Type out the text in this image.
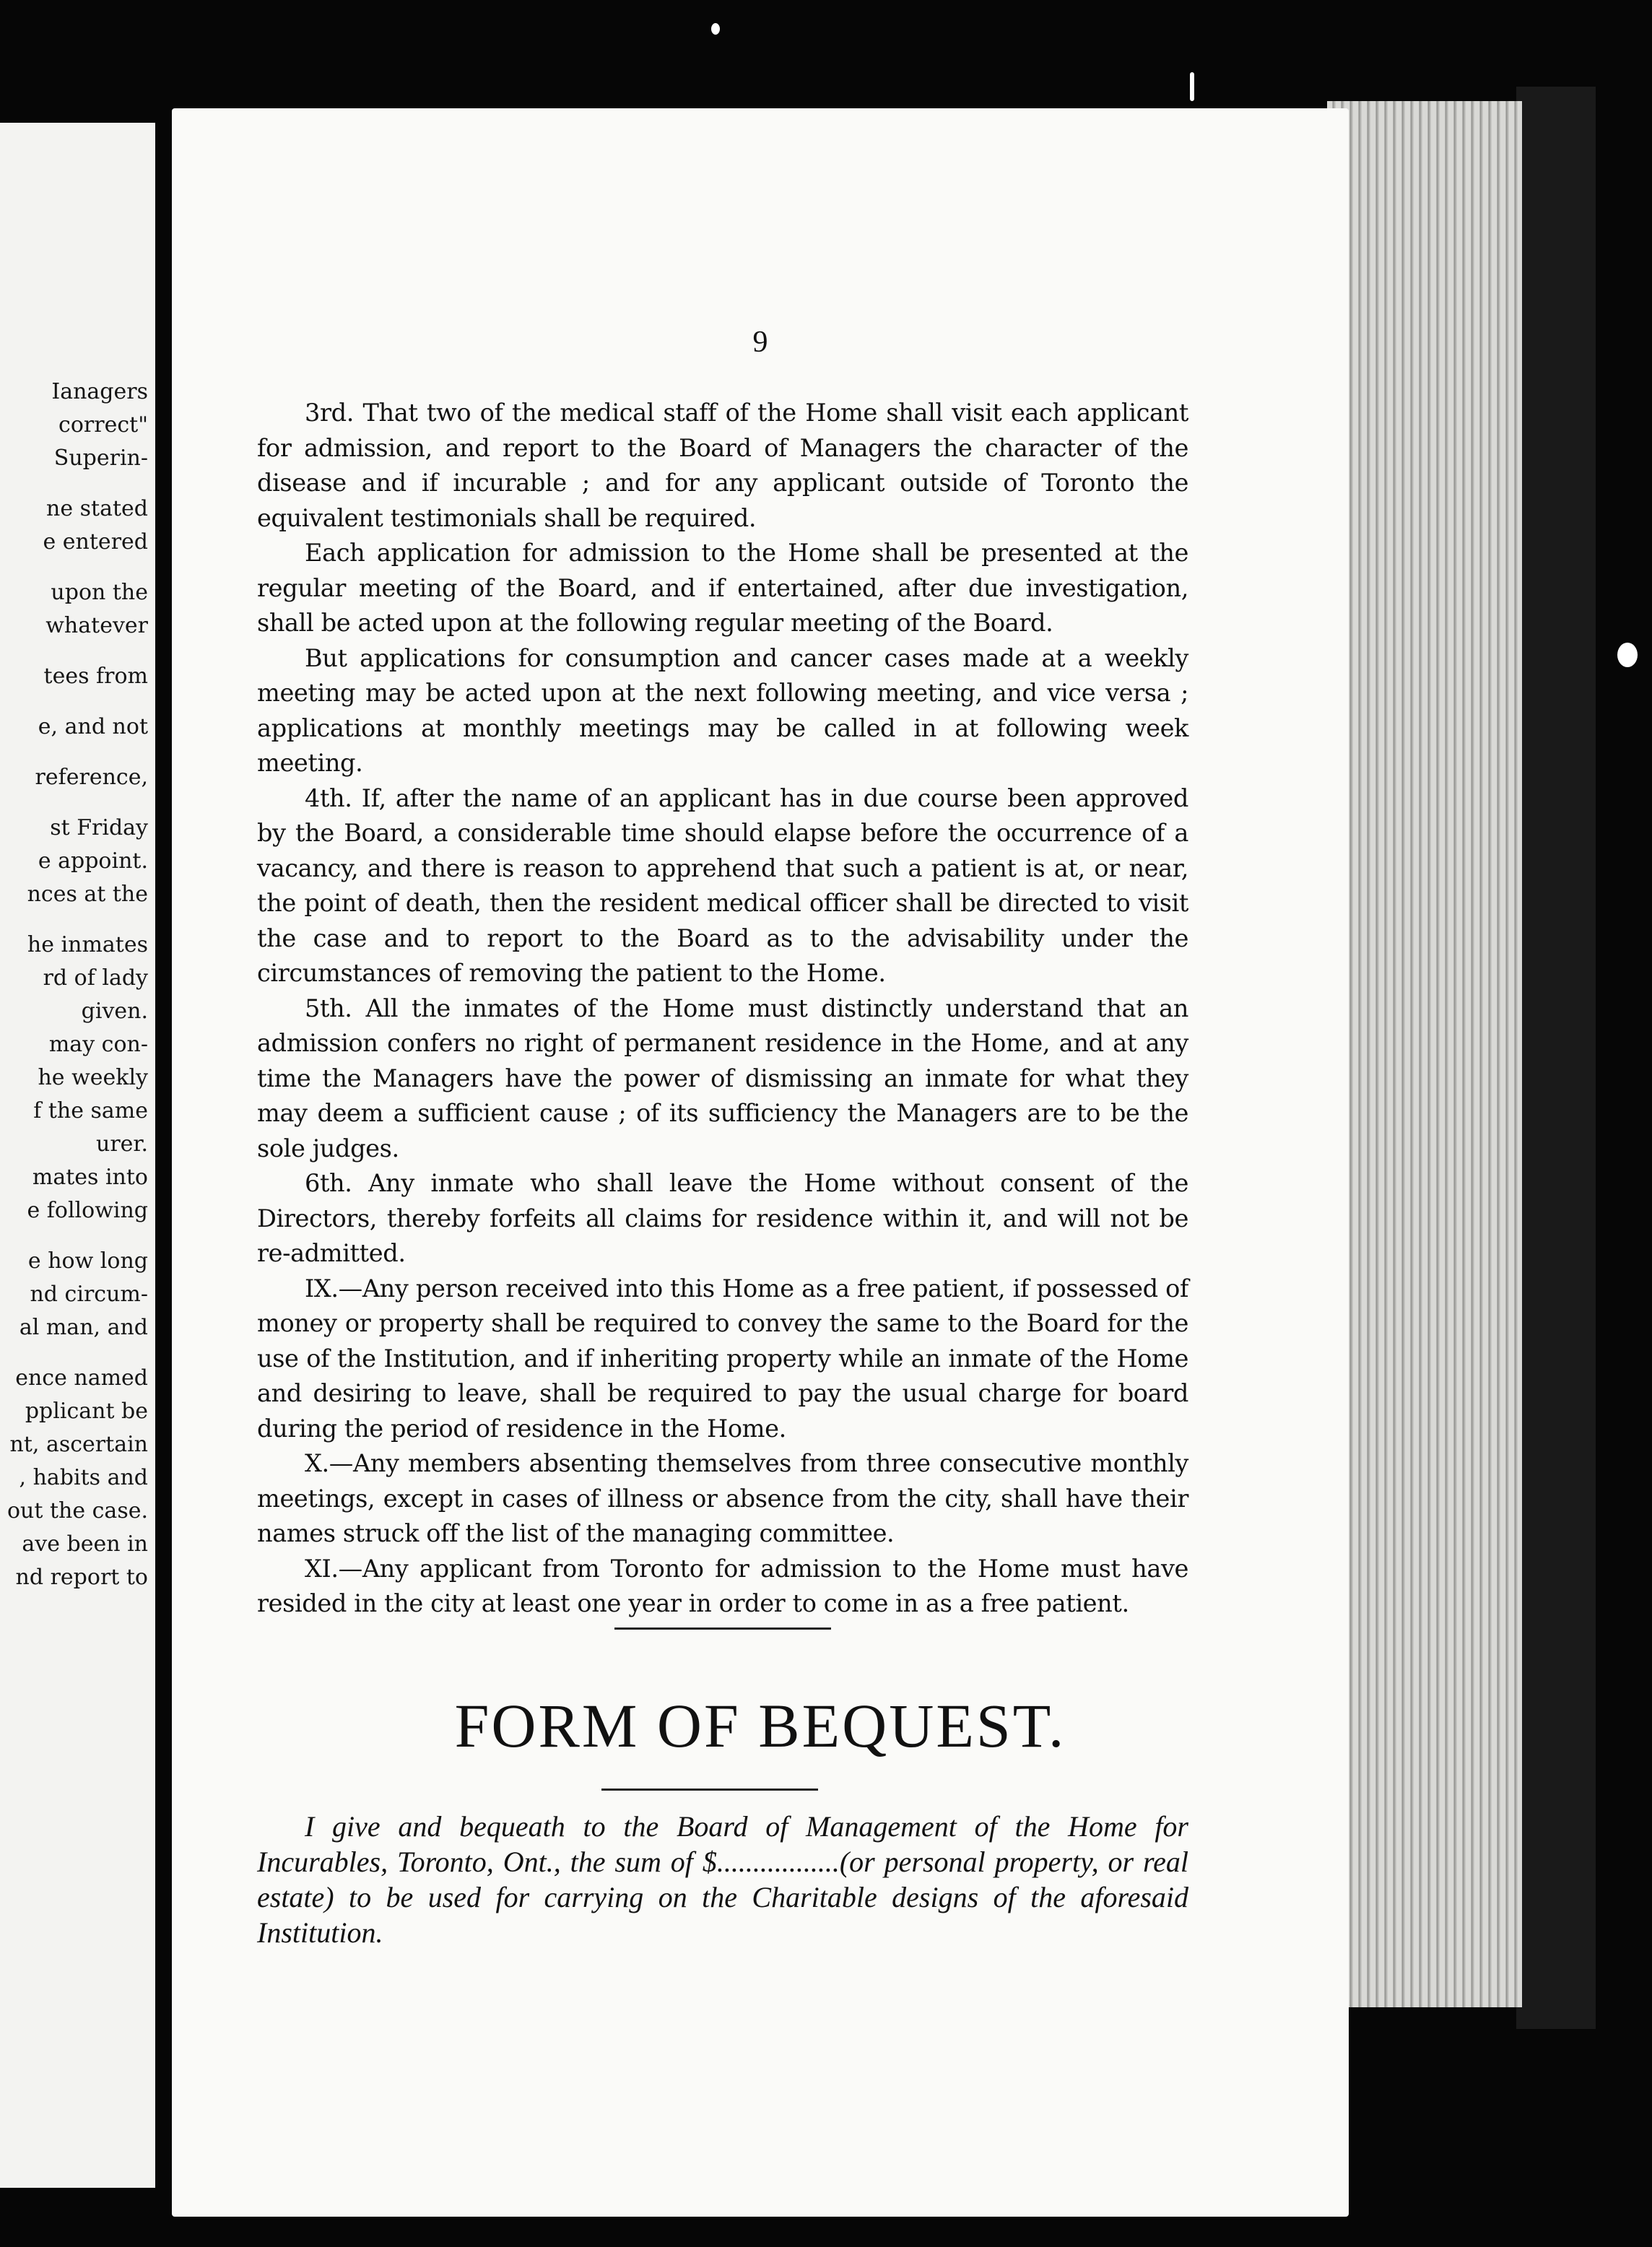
Ianagers
correct"
Superin-
ne stated
e entered
upon the
whatever
tees from
e, and not
reference,
st Friday
e appoint.
nces at the
he inmates
rd of lady
given.
may con-
he weekly
f the same
urer.
mates into
e following
e how long
nd circum-
al man, and
ence named
pplicant be
nt, ascertain
, habits and
out the case.
ave been in
nd report to
9

3rd. That two of the medical staff of the Home shall visit each applicant for admission, and report to the Board of Managers the character of the disease and if incurable ; and for any applicant outside of Toronto the equivalent testimonials shall be required.

Each application for admission to the Home shall be presented at the regular meeting of the Board, and if entertained, after due investigation, shall be acted upon at the following regular meeting of the Board.

But applications for consumption and cancer cases made at a weekly meeting may be acted upon at the next following meeting, and vice versa ; applications at monthly meetings may be called in at following week meeting.

4th. If, after the name of an applicant has in due course been approved by the Board, a considerable time should elapse before the occurrence of a vacancy, and there is reason to apprehend that such a patient is at, or near, the point of death, then the resident medical officer shall be directed to visit the case and to report to the Board as to the advisability under the circumstances of removing the patient to the Home.

5th. All the inmates of the Home must distinctly understand that an admission confers no right of permanent residence in the Home, and at any time the Managers have the power of dismissing an inmate for what they may deem a sufficient cause ; of its sufficiency the Managers are to be the sole judges.

6th. Any inmate who shall leave the Home without consent of the Directors, thereby forfeits all claims for residence within it, and will not be re-admitted.

IX.—Any person received into this Home as a free patient, if possessed of money or property shall be required to convey the same to the Board for the use of the Institution, and if inheriting property while an inmate of the Home and desiring to leave, shall be required to pay the usual charge for board during the period of residence in the Home.

X.—Any members absenting themselves from three consecutive monthly meetings, except in cases of illness or absence from the city, shall have their names struck off the list of the managing committee.

XI.—Any applicant from Toronto for admission to the Home must have resided in the city at least one year in order to come in as a free patient.

FORM OF BEQUEST.

I give and bequeath to the Board of Management of the Home for Incurables, Toronto, Ont., the sum of $.................(or personal property, or real estate) to be used for carrying on the Charitable designs of the aforesaid Institution.
